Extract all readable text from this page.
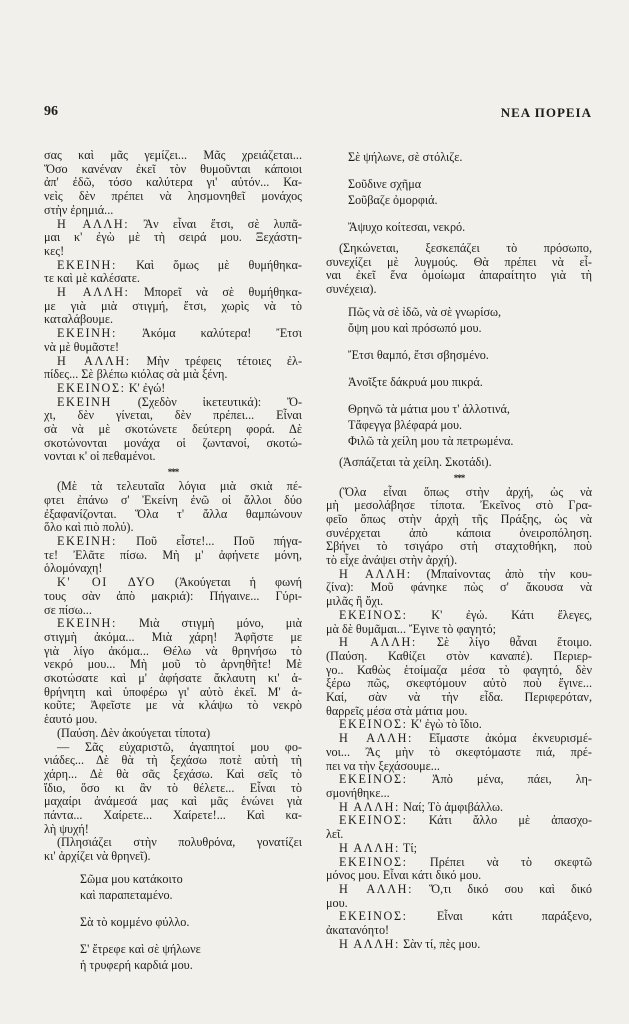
96	ΝΕΑ ΠΟΡΕΙΑ
σας καὶ μᾶς γεμίζει... Μᾶς χρειάζεται...
Ὅσο κανέναν ἐκεῖ τὸν θυμοῦνται κάποιοι
ἀπ' ἐδῶ, τόσο καλύτερα γι' αὐτόν... Κα-
νεὶς δὲν πρέπει νὰ λησμονηθεῖ μονάχος
στὴν ἐρημιά...
Η ΑΛΛΗ: Ἂν εἶναι ἔτσι, σὲ λυπᾶ-
μαι κ' ἐγὼ μὲ τὴ σειρά μου. Ξεχάστη-
κες!
ΕΚΕΙΝΗ: Καὶ ὅμως μὲ θυμήθηκα-
τε καὶ μὲ καλέσατε.
Η ΑΛΛΗ: Μπορεῖ νὰ σὲ θυμήθηκα-
με γιὰ μιὰ στιγμή, ἔτσι, χωρὶς νὰ τὸ
καταλάβουμε.
ΕΚΕΙΝΗ: Ἀκόμα καλύτερα! Ἔτσι
νὰ μὲ θυμᾶστε!
Η ΑΛΛΗ: Μὴν τρέφεις τέτοιες ἐλ-
πίδες... Σὲ βλέπω κιόλας σὰ μιὰ ξένη.
ΕΚΕΙΝΟΣ: Κ' ἐγώ!
ΕΚΕΙΝΗ (Σχεδὸν ἱκετευτικά): Ὄ-
χι, δὲν γίνεται, δὲν πρέπει... Εἶναι
σὰ νὰ μὲ σκοτώνετε δεύτερη φορά. Δὲ
σκοτώνονται μονάχα οἱ ζωντανοί, σκοτώ-
νονται κ' οἱ πεθαμένοι.
***
(Μὲ τὰ τελευταῖα λόγια μιὰ σκιὰ πέ-
φτει ἐπάνω σ' Ἐκείνη ἐνῶ οἱ ἄλλοι δύο
ἐξαφανίζονται. Ὅλα τ' ἄλλα θαμπώνουν
ὅλο καὶ πιὸ πολύ).
ΕΚΕΙΝΗ: Ποῦ εἶστε!... Ποῦ πήγα-
τε! Ἐλᾶτε πίσω. Μὴ μ' ἀφήνετε μόνη,
ὁλομόναχη!
Κ' ΟΙ ΔΥΟ (Ἀκούγεται ἡ φωνή
τους σὰν ἀπὸ μακριά): Πήγαινε... Γύρι-
σε πίσω...
ΕΚΕΙΝΗ: Μιὰ στιγμὴ μόνο, μιὰ
στιγμὴ ἀκόμα... Μιὰ χάρη! Ἀφῆστε με
γιὰ λίγο ἀκόμα... Θέλω νὰ θρηνήσω τὸ
νεκρό μου... Μὴ μοῦ τὸ ἀρνηθῆτε! Μὲ
σκοτώσατε καὶ μ' ἀφήσατε ἄκλαυτη κι' ἀ-
θρήνητη καὶ ὑποφέρω γι' αὐτὸ ἐκεῖ. Μ' ἀ-
κοῦτε; Ἀφεῖστε με νὰ κλάψω τὸ νεκρὸ
ἑαυτό μου.
(Παύση. Δὲν ἀκούγεται τίποτα)
— Σᾶς εὐχαριστῶ, ἀγαπητοί μου φο-
νιάδες... Δὲ θὰ τὴ ξεχάσω ποτὲ αὐτὴ τὴ
χάρη... Δὲ θὰ σᾶς ξεχάσω. Καὶ σεῖς τὸ
ἴδιο, ὅσο κι ἂν τὸ θέλετε... Εἶναι τὸ
μαχαίρι ἀνάμεσά μας καὶ μᾶς ἑνώνει γιὰ
πάντα... Χαίρετε... Χαίρετε!... Καὶ κα-
λὴ ψυχή!
(Πλησιάζει στὴν πολυθρόνα, γονατίζει
κι' ἀρχίζει νὰ θρηνεῖ).
Σῶμα μου κατάκοιτο
καὶ παραπεταμένο.
Σὰ τὸ κομμένο φύλλο.
Σ' ἔτρεφε καὶ σὲ ψήλωνε
ἡ τρυφερή καρδιά μου.
Σὲ ψήλωνε, σὲ στόλιζε.
Σοῦδινε σχῆμα
Σοῦβαζε ὀμορφιά.
Ἄψυχο κοίτεσαι, νεκρό.
(Σηκώνεται, ξεσκεπάζει τὸ πρόσωπο,
συνεχίζει μὲ λυγμούς. Θὰ πρέπει νὰ εἶ-
ναι ἐκεῖ ἕνα ὁμοίωμα ἀπαραίτητο γιὰ τὴ
συνέχεια).
Πῶς νὰ σὲ ἰδῶ, νὰ σὲ γνωρίσω,
ὄψη μου καὶ πρόσωπό μου.
Ἔτσι θαμπό, ἔτσι σβησμένο.
Ἀνοῖξτε δάκρυά μου πικρά.
Θρηνῶ τὰ μάτια μου τ' ἀλλοτινά,
Τἄφεγγα βλέφαρά μου.
Φιλῶ τὰ χείλη μου τὰ πετρωμένα.
(Ἀσπάζεται τὰ χείλη. Σκοτάδι).
***
(Ὅλα εἶναι ὅπως στὴν ἀρχή, ὡς νὰ
μὴ μεσολάβησε τίποτα. Ἐκεῖνος στὸ Γρα-
φεῖο ὅπως στὴν ἀρχὴ τῆς Πράξης, ὡς νὰ
συνέρχεται ἀπὸ κάποια ὀνειροπόληση.
Σβήνει τὸ τσιγάρο στὴ σταχτοθήκη, ποὺ
τὸ εἶχε ἀνάψει στὴν ἀρχή).
Η ΑΛΛΗ: (Μπαίνοντας ἀπὸ τὴν κου-
ζίνα): Μοῦ φάνηκε πὼς σ' ἄκουσα νὰ
μιλᾶς ἢ ὄχι.
ΕΚΕΙΝΟΣ: Κ' ἐγώ. Κάτι ἔλεγες,
μὰ δὲ θυμᾶμαι... Ἔγινε τὸ φαγητό;
Η ΑΛΛΗ: Σὲ λίγο θἆναι ἕτοιμο.
(Παύση. Καθίζει στὸν καναπέ). Περιερ-
γο.. Καθὼς ἑτοίμαζα μέσα τὸ φαγητό, δὲν
ξέρω πῶς, σκεφτόμουν αὐτὸ ποὺ ἔγινε...
Καί, σὰν νὰ τὴν εἶδα. Περιφερόταν,
θαρρεῖς μέσα στὰ μάτια μου.
ΕΚΕΙΝΟΣ: Κ' ἐγὼ τὸ ἴδιο.
Η ΑΛΛΗ: Εἴμαστε ἀκόμα ἐκνευρισμέ-
νοι... Ἂς μὴν τὸ σκεφτόμαστε πιά, πρέ-
πει να τὴν ξεχάσουμε...
ΕΚΕΙΝΟΣ: Ἀπὸ μένα, πάει, λη-
σμονήθηκε...
Η ΑΛΛΗ: Ναί; Τὸ ἀμφιβάλλω.
ΕΚΕΙΝΟΣ: Κάτι ἄλλο μὲ ἀπασχο-
λεῖ.
Η ΑΛΛΗ: Τί;
ΕΚΕΙΝΟΣ: Πρέπει νὰ τὸ σκεφτῶ
μόνος μου. Εἶναι κάτι δικό μου.
Η ΑΛΛΗ: Ὅ,τι δικό σου καὶ δικό
μου.
ΕΚΕΙΝΟΣ: Εἶναι κάτι παράξενο,
ἀκατανόητο!
Η ΑΛΛΗ: Σὰν τί, πὲς μου.
